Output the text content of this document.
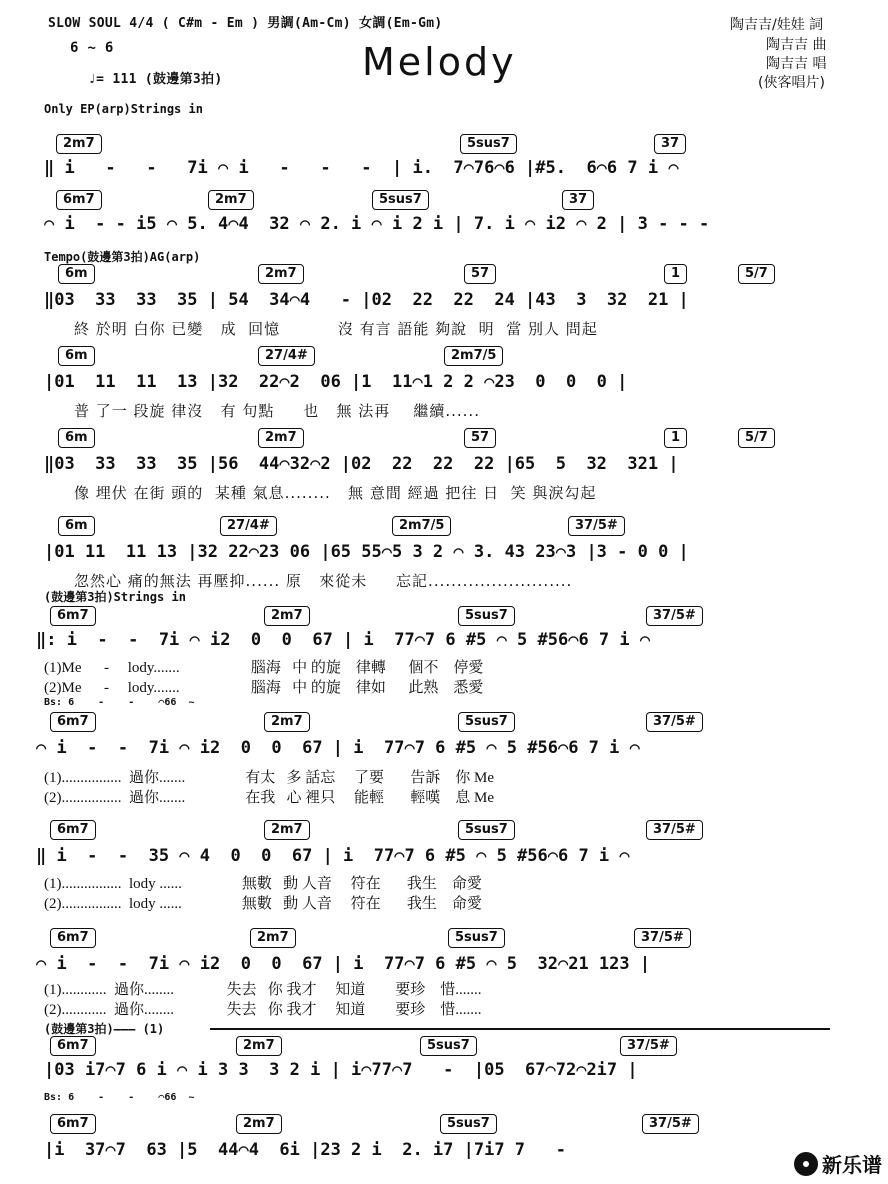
SLOW SOUL 4/4 ( C#m - Em ) 男調(Am-Cm) 女調(Em-Gm)
6 ~ 6
♩= 111 (鼓邊第3拍)	Melody
陶吉吉/娃娃 詞
陶吉吉 曲
陶吉吉 唱
(俠客唱片)
Only EP(arp)Strings in
Tempo(鼓邊第3拍)AG(arp)
(鼓邊第3拍)Strings in
(鼓邊第3拍)——— (1)
2m7	5sus7	37
‖ i   -   -   7i ⌒ i   -   -   -  | i.  7⌒76⌒6 |#5.  6⌒6 7 i ⌒
6m7	2m7	5sus7	37
⌒ i  - - i5 ⌒ 5. 4⌒4  32 ⌒ 2. i ⌒ i 2 i | 7. i ⌒ i2 ⌒ 2 | 3 - - -
6m	2m7	57	1	5/7
‖03  33  33  35 | 54  34⌒4   - |02  22  22  24 |43  3  32  21 |
終 於明 白你 已變   成  回憶          沒 有言 語能 夠說  明  當 別人 問起
6m	27/4#	2m7/5
|01  11  11  13 |32  22⌒2  06 |1  11⌒1 2 2 ⌒23  0  0  0 |
普 了一 段旋 律沒   有 句點     也   無 法再    繼續......
6m	2m7	57	1	5/7
‖03  33  33  35 |56  44⌒32⌒2 |02  22  22  22 |65  5  32  321 |
像 埋伏 在街 頭的  某種 氣息........   無 意間 經過 把往 日  笑 與淚勾起
6m	27/4#	2m7/5	37/5#
|01 11  11 13 |32 22⌒23 06 |65 55⌒5 3 2 ⌒ 3. 43 23⌒3 |3 - 0 0 |
忽然心 痛的無法 再壓抑...... 原   來從未     忘記.........................
6m7	2m7	5sus7	37/5#
‖: i  -  -  7i ⌒ i2  0  0  67 | i  77⌒7 6 #5 ⌒ 5 #56⌒6 7 i ⌒
(1)Me      -     lody.......                   腦海   中 的旋    律轉      個不    停愛
(2)Me      -     lody.......                   腦海   中 的旋    律如      此熟    悉愛
Bs: 6    -    -    ⌒66  ~
6m7	2m7	5sus7	37/5#
⌒ i  -  -  7i ⌒ i2  0  0  67 | i  77⌒7 6 #5 ⌒ 5 #56⌒6 7 i ⌒
(1)................  過你.......                有太   多 話忘     了要       告訴    你 Me
(2)................  過你.......                在我   心 裡只     能輕       輕嘆    息 Me
6m7	2m7	5sus7	37/5#
‖ i  -  -  35 ⌒ 4  0  0  67 | i  77⌒7 6 #5 ⌒ 5 #56⌒6 7 i ⌒
(1)................  lody ......                無數   動 人音     符在       我生    命愛
(2)................  lody ......                無數   動 人音     符在       我生    命愛
6m7	2m7	5sus7	37/5#
⌒ i  -  -  7i ⌒ i2  0  0  67 | i  77⌒7 6 #5 ⌒ 5  32⌒21 123 |
(1)............  過你........              失去   你 我才     知道        要珍    惜.......
(2)............  過你........              失去   你 我才     知道        要珍    惜.......
6m7	2m7	5sus7	37/5#
|03 i7⌒7 6 i ⌒ i 3 3  3 2 i | i⌒77⌒7   -  |05  67⌒72⌒2i7 |
Bs: 6    -    -    ⌒66  ~
6m7	2m7	5sus7	37/5#
|i  37⌒7  63 |5  44⌒4  6i |23 2 i  2. i7 |7i7 7   -
新乐谱
